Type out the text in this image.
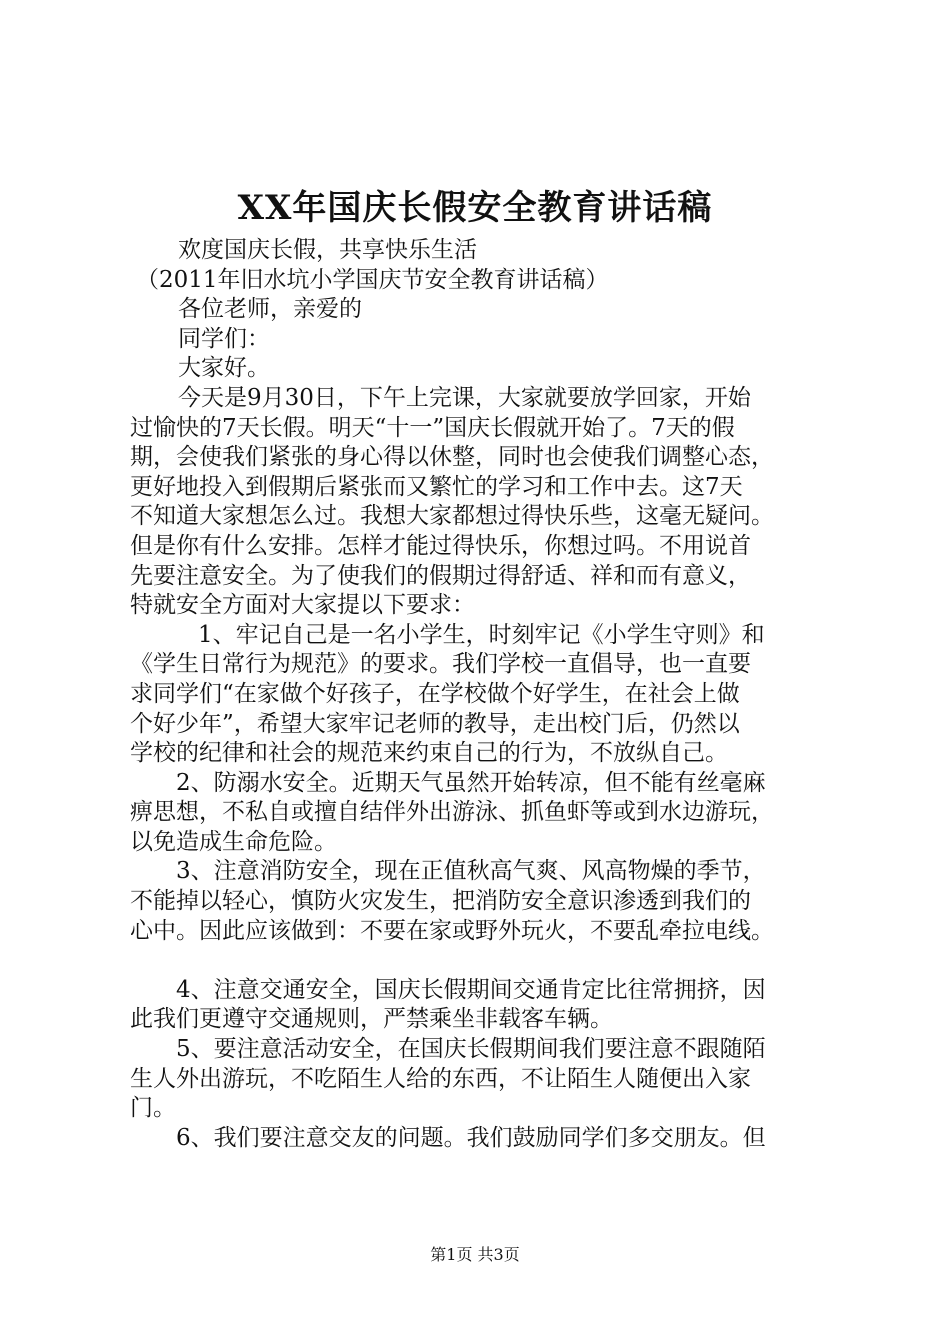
XX年国庆长假安全教育讲话稿
欢度国庆长假，共享快乐生活
（2011年旧水坑小学国庆节安全教育讲话稿）
各位老师，亲爱的
同学们：
大家好。
今天是9月30日，下午上完课，大家就要放学回家，开始
过愉快的7天长假。明天“十一”国庆长假就开始了。7天的假
期，会使我们紧张的身心得以休整，同时也会使我们调整心态，
更好地投入到假期后紧张而又繁忙的学习和工作中去。这7天
不知道大家想怎么过。我想大家都想过得快乐些，这毫无疑问。
但是你有什么安排。怎样才能过得快乐，你想过吗。不用说首
先要注意安全。为了使我们的假期过得舒适、祥和而有意义，
特就安全方面对大家提以下要求：
1、牢记自己是一名小学生，时刻牢记《小学生守则》和
《学生日常行为规范》的要求。我们学校一直倡导，也一直要
求同学们“在家做个好孩子，在学校做个好学生，在社会上做
个好少年”，希望大家牢记老师的教导，走出校门后，仍然以
学校的纪律和社会的规范来约束自己的行为，不放纵自己。
2、防溺水安全。近期天气虽然开始转凉，但不能有丝毫麻
痹思想，不私自或擅自结伴外出游泳、抓鱼虾等或到水边游玩，
以免造成生命危险。
3、注意消防安全，现在正值秋高气爽、风高物燥的季节，
不能掉以轻心，慎防火灾发生，把消防安全意识渗透到我们的
心中。因此应该做到：不要在家或野外玩火，不要乱牵拉电线。
4、注意交通安全，国庆长假期间交通肯定比往常拥挤，因
此我们更遵守交通规则，严禁乘坐非载客车辆。
5、要注意活动安全，在国庆长假期间我们要注意不跟随陌
生人外出游玩，不吃陌生人给的东西，不让陌生人随便出入家
门。
6、我们要注意交友的问题。我们鼓励同学们多交朋友。但
第1页 共3页
